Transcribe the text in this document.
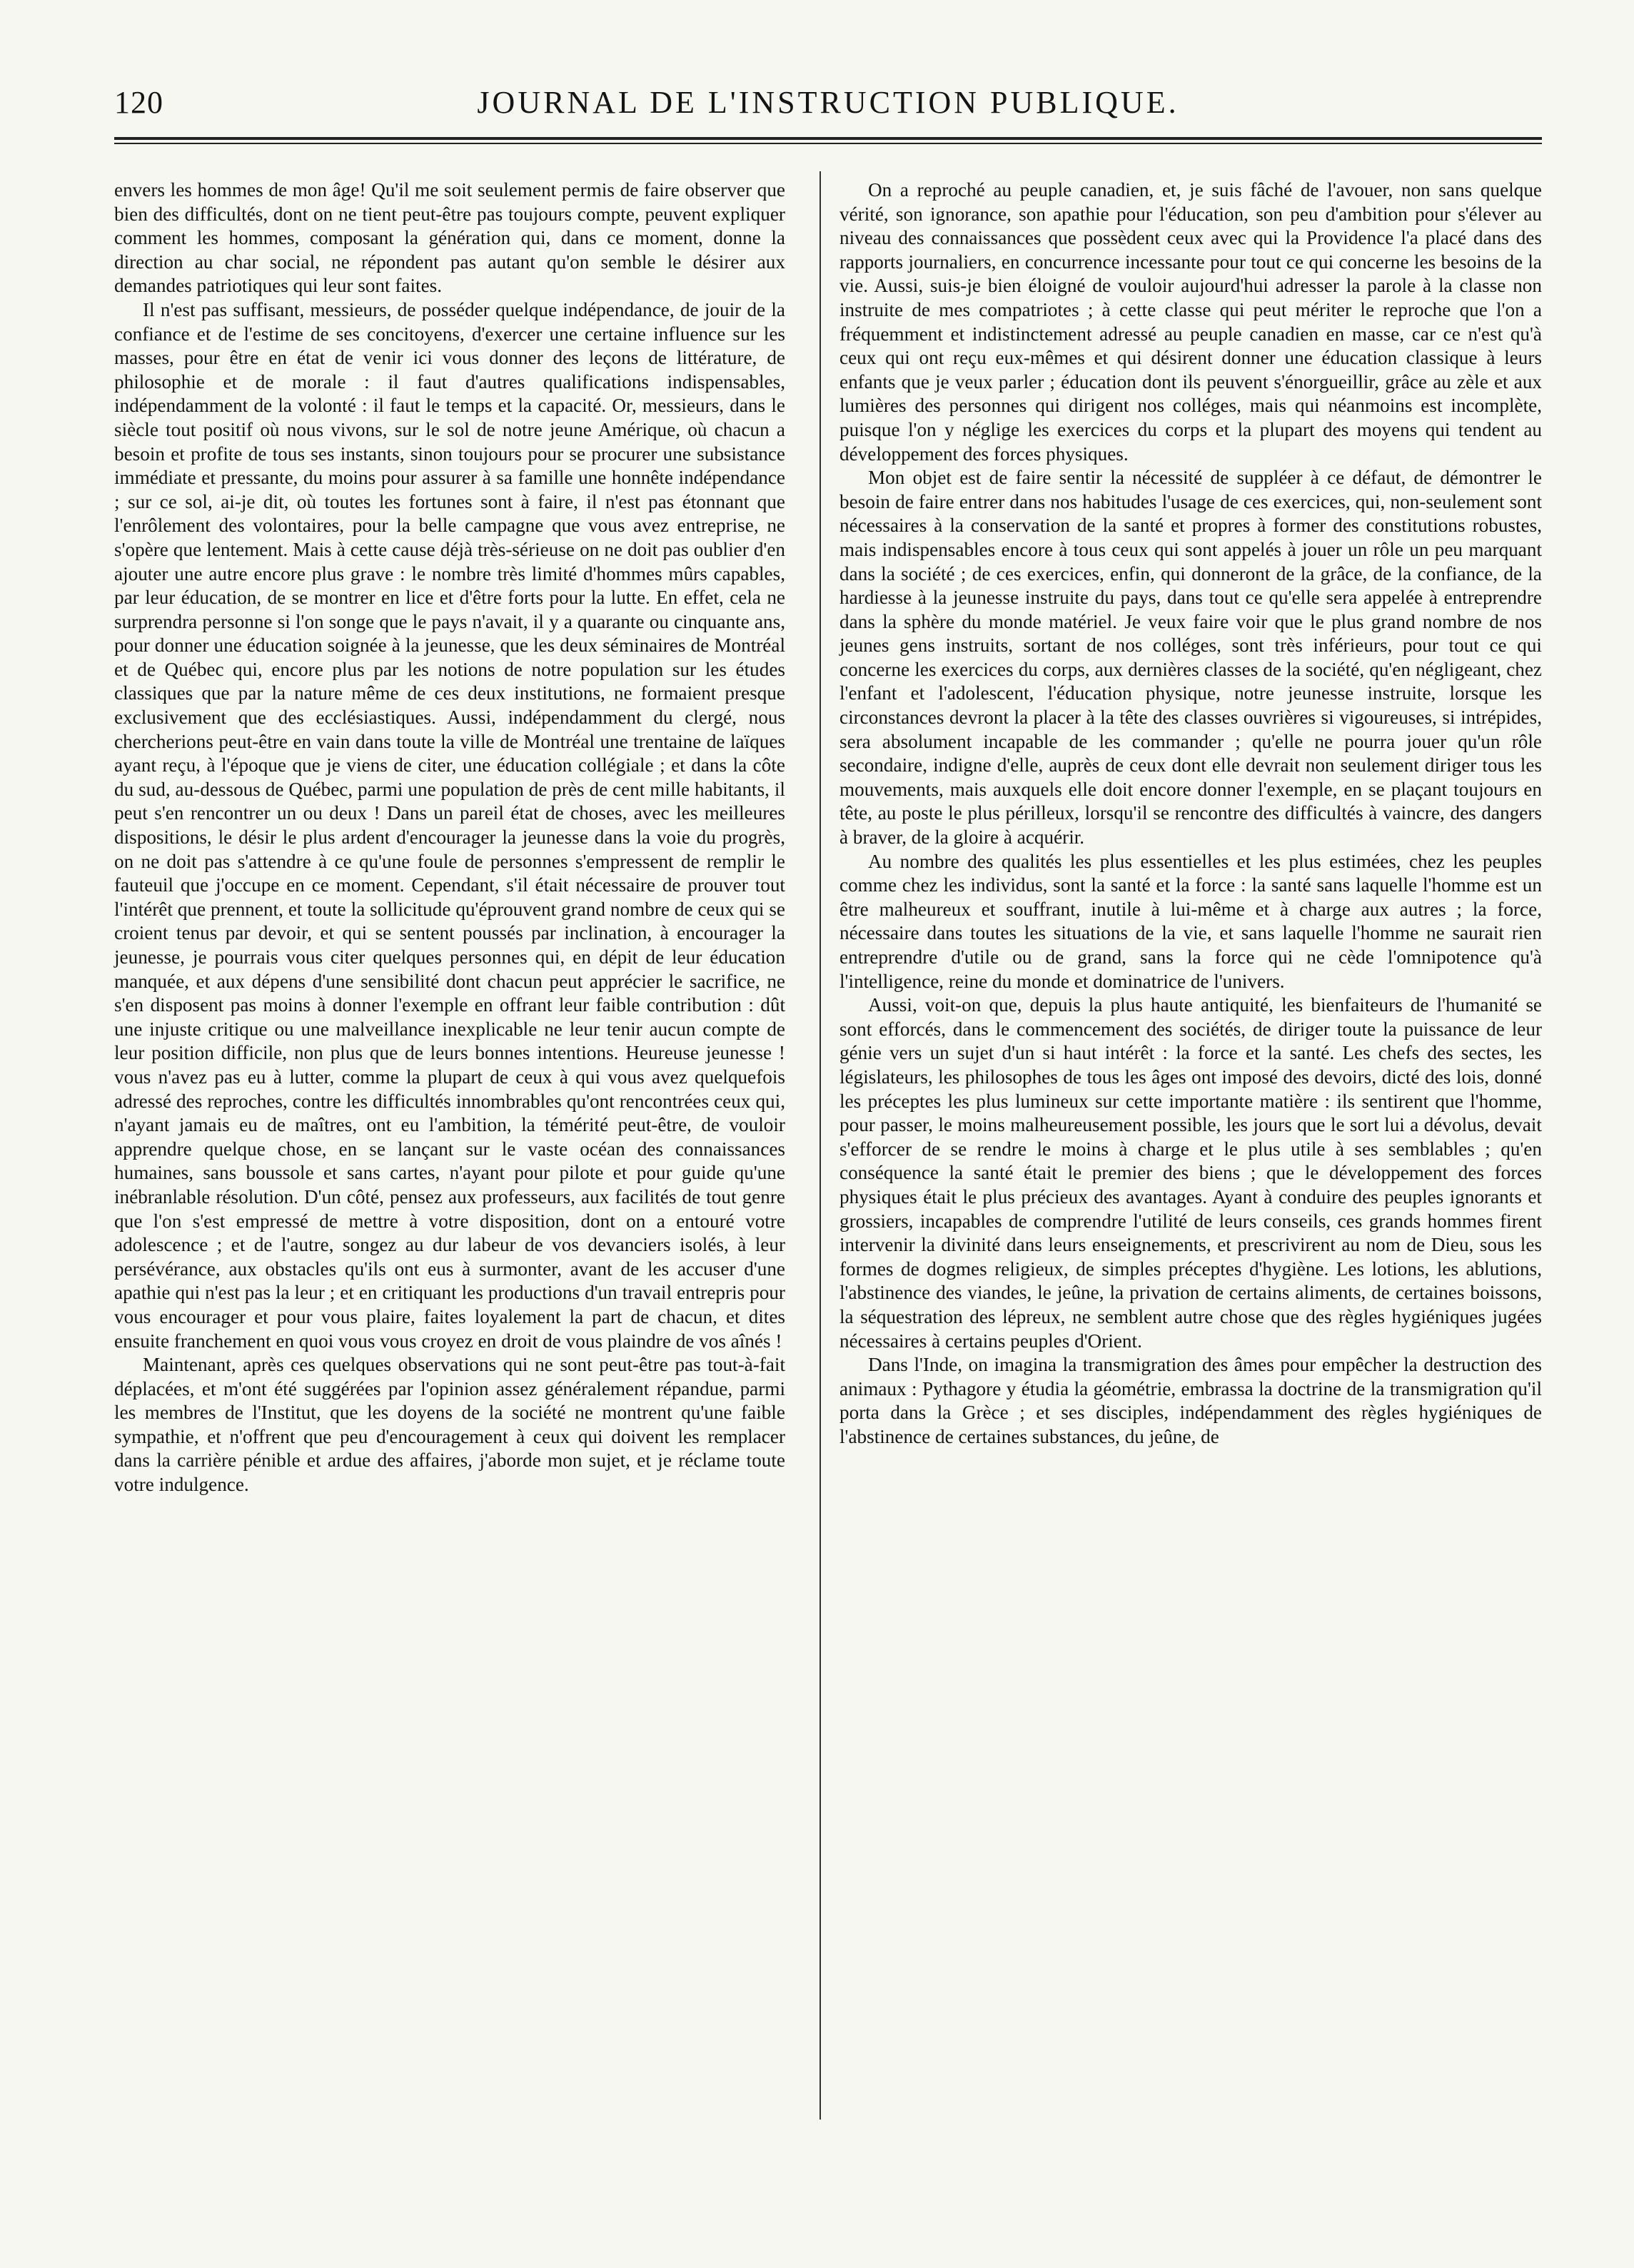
120	JOURNAL DE L'INSTRUCTION PUBLIQUE.

envers les hommes de mon âge! Qu'il me soit seulement permis de faire observer que bien des difficultés, dont on ne tient peut-être pas toujours compte, peuvent expliquer comment les hommes, composant la génération qui, dans ce moment, donne la direction au char social, ne répondent pas autant qu'on semble le désirer aux demandes patriotiques qui leur sont faites.

Il n'est pas suffisant, messieurs, de posséder quelque indépendance, de jouir de la confiance et de l'estime de ses concitoyens, d'exercer une certaine influence sur les masses, pour être en état de venir ici vous donner des leçons de littérature, de philosophie et de morale : il faut d'autres qualifications indispensables, indépendamment de la volonté : il faut le temps et la capacité. Or, messieurs, dans le siècle tout positif où nous vivons, sur le sol de notre jeune Amérique, où chacun a besoin et profite de tous ses instants, sinon toujours pour se procurer une subsistance immédiate et pressante, du moins pour assurer à sa famille une honnête indépendance ; sur ce sol, ai-je dit, où toutes les fortunes sont à faire, il n'est pas étonnant que l'enrôlement des volontaires, pour la belle campagne que vous avez entreprise, ne s'opère que lentement. Mais à cette cause déjà très-sérieuse on ne doit pas oublier d'en ajouter une autre encore plus grave : le nombre très limité d'hommes mûrs capables, par leur éducation, de se montrer en lice et d'être forts pour la lutte. En effet, cela ne surprendra personne si l'on songe que le pays n'avait, il y a quarante ou cinquante ans, pour donner une éducation soignée à la jeunesse, que les deux séminaires de Montréal et de Québec qui, encore plus par les notions de notre population sur les études classiques que par la nature même de ces deux institutions, ne formaient presque exclusivement que des ecclésiastiques. Aussi, indépendamment du clergé, nous chercherions peut-être en vain dans toute la ville de Montréal une trentaine de laïques ayant reçu, à l'époque que je viens de citer, une éducation collégiale ; et dans la côte du sud, au-dessous de Québec, parmi une population de près de cent mille habitants, il peut s'en rencontrer un ou deux ! Dans un pareil état de choses, avec les meilleures dispositions, le désir le plus ardent d'encourager la jeunesse dans la voie du progrès, on ne doit pas s'attendre à ce qu'une foule de personnes s'empressent de remplir le fauteuil que j'occupe en ce moment. Cependant, s'il était nécessaire de prouver tout l'intérêt que prennent, et toute la sollicitude qu'éprouvent grand nombre de ceux qui se croient tenus par devoir, et qui se sentent poussés par inclination, à encourager la jeunesse, je pourrais vous citer quelques personnes qui, en dépit de leur éducation manquée, et aux dépens d'une sensibilité dont chacun peut apprécier le sacrifice, ne s'en disposent pas moins à donner l'exemple en offrant leur faible contribution : dût une injuste critique ou une malveillance inexplicable ne leur tenir aucun compte de leur position difficile, non plus que de leurs bonnes intentions. Heureuse jeunesse ! vous n'avez pas eu à lutter, comme la plupart de ceux à qui vous avez quelquefois adressé des reproches, contre les difficultés innombrables qu'ont rencontrées ceux qui, n'ayant jamais eu de maîtres, ont eu l'ambition, la témérité peut-être, de vouloir apprendre quelque chose, en se lançant sur le vaste océan des connaissances humaines, sans boussole et sans cartes, n'ayant pour pilote et pour guide qu'une inébranlable résolution. D'un côté, pensez aux professeurs, aux facilités de tout genre que l'on s'est empressé de mettre à votre disposition, dont on a entouré votre adolescence ; et de l'autre, songez au dur labeur de vos devanciers isolés, à leur persévérance, aux obstacles qu'ils ont eus à surmonter, avant de les accuser d'une apathie qui n'est pas la leur ; et en critiquant les productions d'un travail entrepris pour vous encourager et pour vous plaire, faites loyalement la part de chacun, et dites ensuite franchement en quoi vous vous croyez en droit de vous plaindre de vos aînés !

Maintenant, après ces quelques observations qui ne sont peut-être pas tout-à-fait déplacées, et m'ont été suggérées par l'opinion assez généralement répandue, parmi les membres de l'Institut, que les doyens de la société ne montrent qu'une faible sympathie, et n'offrent que peu d'encouragement à ceux qui doivent les remplacer dans la carrière pénible et ardue des affaires, j'aborde mon sujet, et je réclame toute votre indulgence.

On a reproché au peuple canadien, et, je suis fâché de l'avouer, non sans quelque vérité, son ignorance, son apathie pour l'éducation, son peu d'ambition pour s'élever au niveau des connaissances que possèdent ceux avec qui la Providence l'a placé dans des rapports journaliers, en concurrence incessante pour tout ce qui concerne les besoins de la vie. Aussi, suis-je bien éloigné de vouloir aujourd'hui adresser la parole à la classe non instruite de mes compatriotes ; à cette classe qui peut mériter le reproche que l'on a fréquemment et indistinctement adressé au peuple canadien en masse, car ce n'est qu'à ceux qui ont reçu eux-mêmes et qui désirent donner une éducation classique à leurs enfants que je veux parler ; éducation dont ils peuvent s'énorgueillir, grâce au zèle et aux lumières des personnes qui dirigent nos colléges, mais qui néanmoins est incomplète, puisque l'on y néglige les exercices du corps et la plupart des moyens qui tendent au développement des forces physiques.

Mon objet est de faire sentir la nécessité de suppléer à ce défaut, de démontrer le besoin de faire entrer dans nos habitudes l'usage de ces exercices, qui, non-seulement sont nécessaires à la conservation de la santé et propres à former des constitutions robustes, mais indispensables encore à tous ceux qui sont appelés à jouer un rôle un peu marquant dans la société ; de ces exercices, enfin, qui donneront de la grâce, de la confiance, de la hardiesse à la jeunesse instruite du pays, dans tout ce qu'elle sera appelée à entreprendre dans la sphère du monde matériel. Je veux faire voir que le plus grand nombre de nos jeunes gens instruits, sortant de nos colléges, sont très inférieurs, pour tout ce qui concerne les exercices du corps, aux dernières classes de la société, qu'en négligeant, chez l'enfant et l'adolescent, l'éducation physique, notre jeunesse instruite, lorsque les circonstances devront la placer à la tête des classes ouvrières si vigoureuses, si intrépides, sera absolument incapable de les commander ; qu'elle ne pourra jouer qu'un rôle secondaire, indigne d'elle, auprès de ceux dont elle devrait non seulement diriger tous les mouvements, mais auxquels elle doit encore donner l'exemple, en se plaçant toujours en tête, au poste le plus périlleux, lorsqu'il se rencontre des difficultés à vaincre, des dangers à braver, de la gloire à acquérir.

Au nombre des qualités les plus essentielles et les plus estimées, chez les peuples comme chez les individus, sont la santé et la force : la santé sans laquelle l'homme est un être malheureux et souffrant, inutile à lui-même et à charge aux autres ; la force, nécessaire dans toutes les situations de la vie, et sans laquelle l'homme ne saurait rien entreprendre d'utile ou de grand, sans la force qui ne cède l'omnipotence qu'à l'intelligence, reine du monde et dominatrice de l'univers.

Aussi, voit-on que, depuis la plus haute antiquité, les bienfaiteurs de l'humanité se sont efforcés, dans le commencement des sociétés, de diriger toute la puissance de leur génie vers un sujet d'un si haut intérêt : la force et la santé. Les chefs des sectes, les législateurs, les philosophes de tous les âges ont imposé des devoirs, dicté des lois, donné les préceptes les plus lumineux sur cette importante matière : ils sentirent que l'homme, pour passer, le moins malheureusement possible, les jours que le sort lui a dévolus, devait s'efforcer de se rendre le moins à charge et le plus utile à ses semblables ; qu'en conséquence la santé était le premier des biens ; que le développement des forces physiques était le plus précieux des avantages. Ayant à conduire des peuples ignorants et grossiers, incapables de comprendre l'utilité de leurs conseils, ces grands hommes firent intervenir la divinité dans leurs enseignements, et prescrivirent au nom de Dieu, sous les formes de dogmes religieux, de simples préceptes d'hygiène. Les lotions, les ablutions, l'abstinence des viandes, le jeûne, la privation de certains aliments, de certaines boissons, la séquestration des lépreux, ne semblent autre chose que des règles hygiéniques jugées nécessaires à certains peuples d'Orient.

Dans l'Inde, on imagina la transmigration des âmes pour empêcher la destruction des animaux : Pythagore y étudia la géométrie, embrassa la doctrine de la transmigration qu'il porta dans la Grèce ; et ses disciples, indépendamment des règles hygiéniques de l'abstinence de certaines substances, du jeûne, de
